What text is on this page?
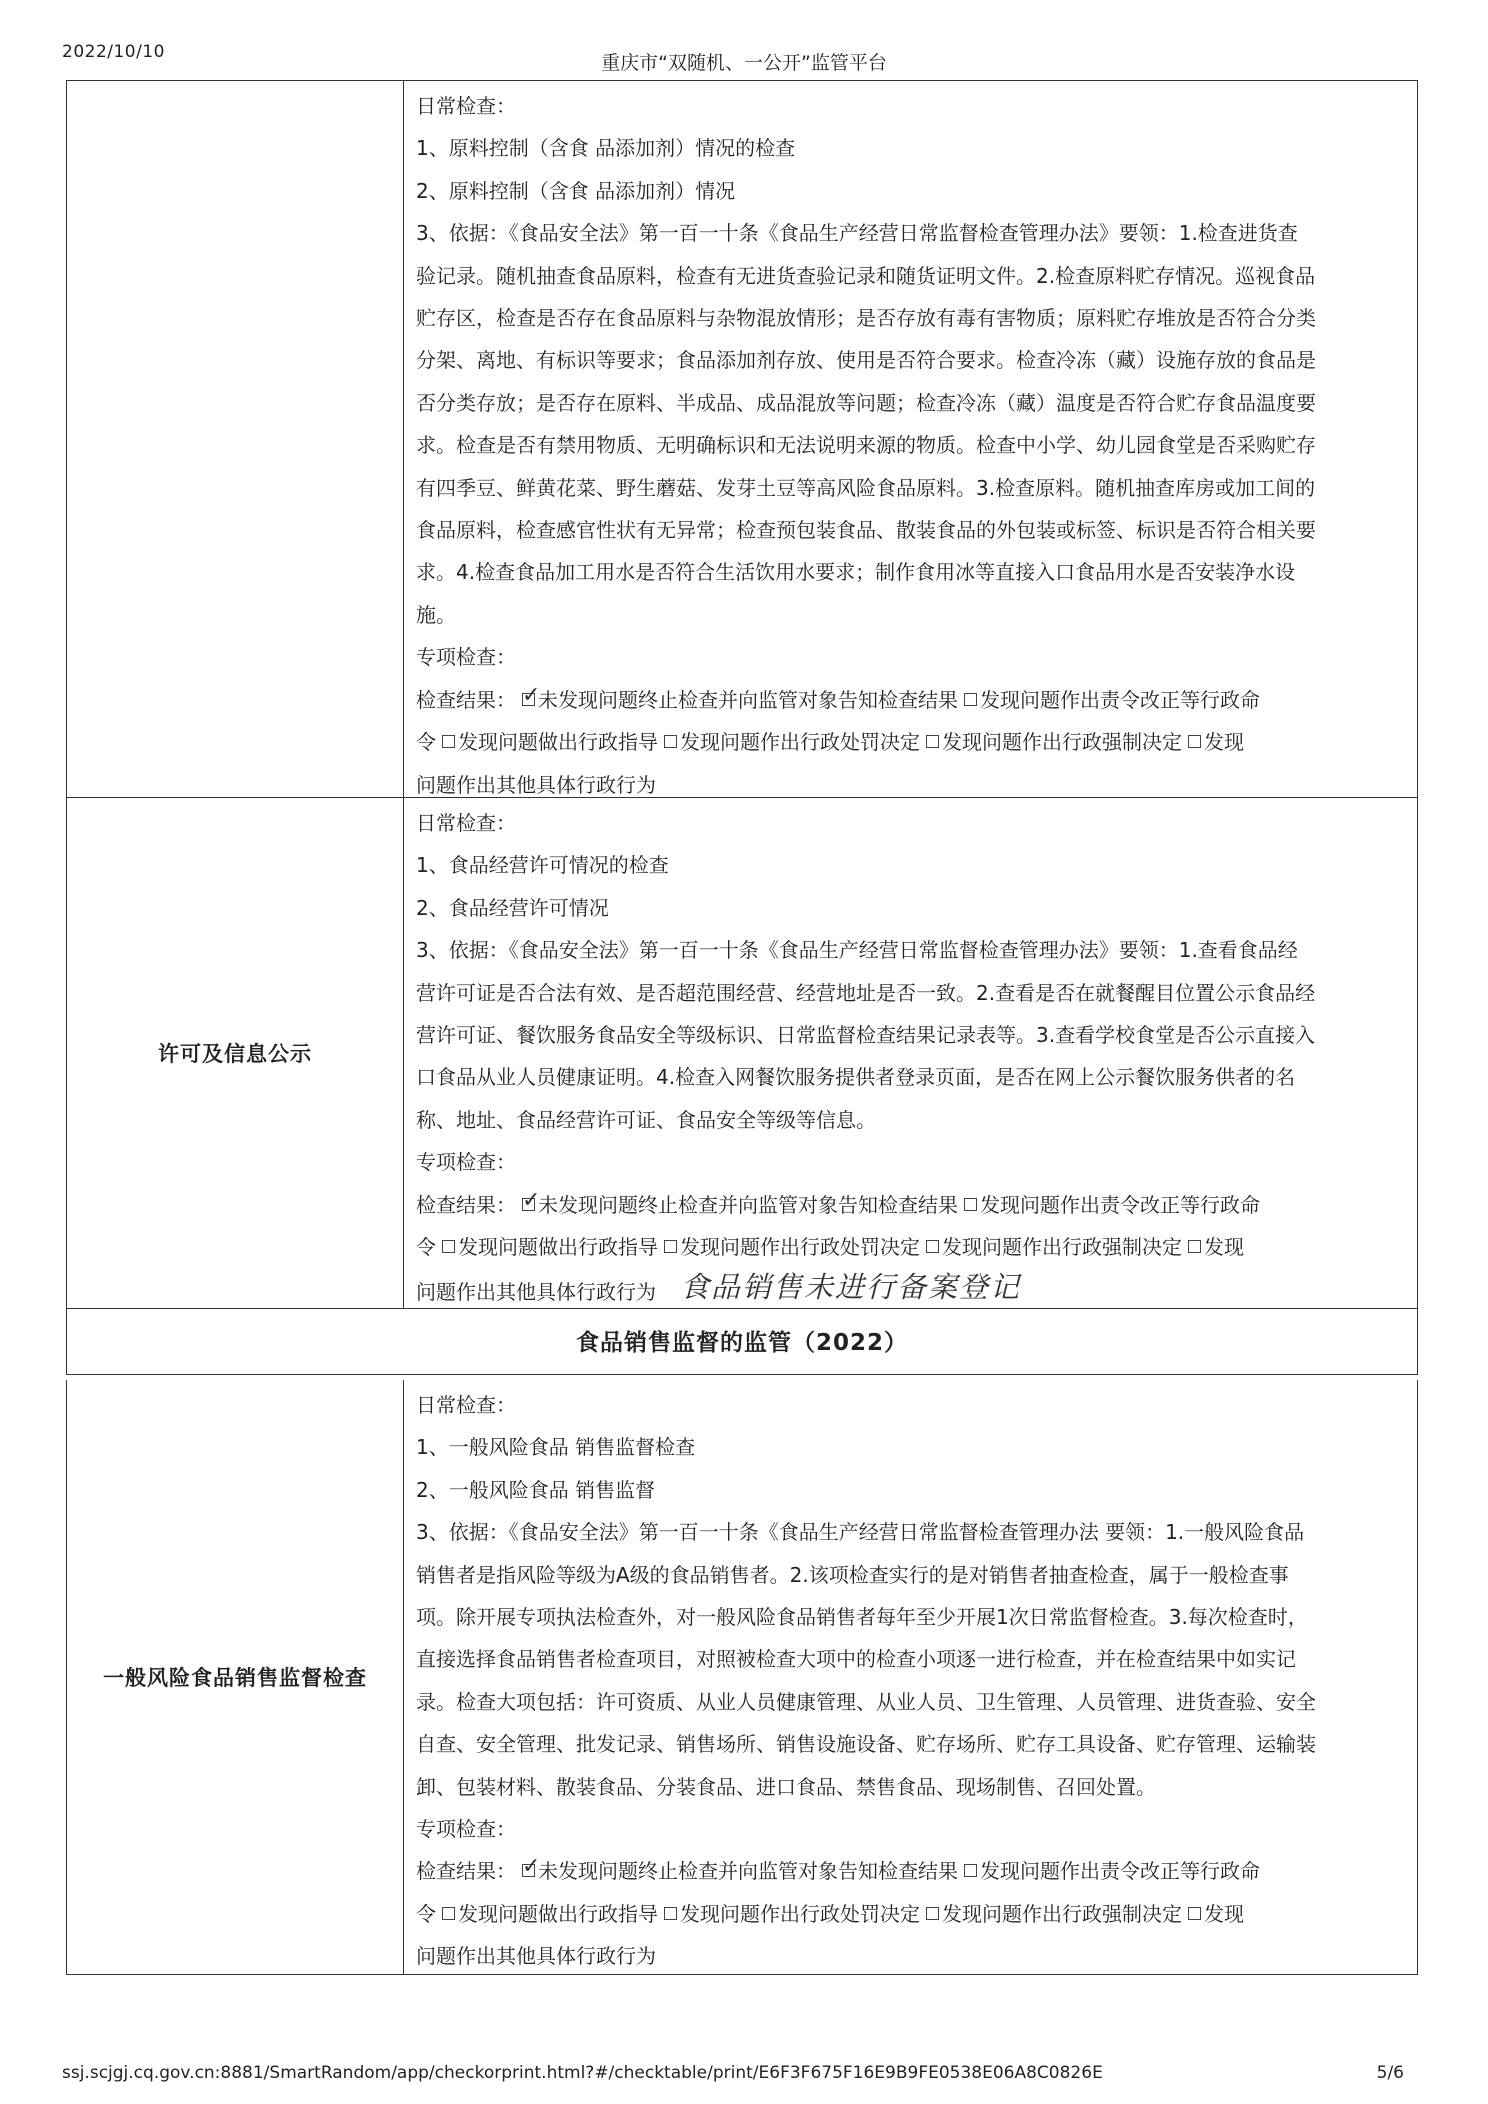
2022/10/10	重庆市“双随机、一公开”监管平台

日常检查：

1、原料控制（含食 品添加剂）情况的检查

2、原料控制（含食 品添加剂）情况

3、依据：《食品安全法》第一百一十条《食品生产经营日常监督检查管理办法》要领：1.检查进货查

验记录。随机抽查食品原料，检查有无进货查验记录和随货证明文件。2.检查原料贮存情况。巡视食品

贮存区，检查是否存在食品原料与杂物混放情形；是否存放有毒有害物质；原料贮存堆放是否符合分类

分架、离地、有标识等要求；食品添加剂存放、使用是否符合要求。检查冷冻（藏）设施存放的食品是

否分类存放；是否存在原料、半成品、成品混放等问题；检查冷冻（藏）温度是否符合贮存食品温度要

求。检查是否有禁用物质、无明确标识和无法说明来源的物质。检查中小学、幼儿园食堂是否采购贮存

有四季豆、鲜黄花菜、野生蘑菇、发芽土豆等高风险食品原料。3.检查原料。随机抽查库房或加工间的

食品原料，检查感官性状有无异常；检查预包装食品、散装食品的外包装或标签、标识是否符合相关要

求。4.检查食品加工用水是否符合生活饮用水要求；制作食用冰等直接入口食品用水是否安装净水设

施。

专项检查：

检查结果： ✓ 未发现问题终止检查并向监管对象告知检查结果 发现问题作出责令改正等行政命

令 发现问题做出行政指导 发现问题作出行政处罚决定 发现问题作出行政强制决定 发现

问题作出其他具体行政行为

许可及信息公示

日常检查：

1、食品经营许可情况的检查

2、食品经营许可情况

3、依据：《食品安全法》第一百一十条《食品生产经营日常监督检查管理办法》要领：1.查看食品经

营许可证是否合法有效、是否超范围经营、经营地址是否一致。2.查看是否在就餐醒目位置公示食品经

营许可证、餐饮服务食品安全等级标识、日常监督检查结果记录表等。3.查看学校食堂是否公示直接入

口食品从业人员健康证明。4.检查入网餐饮服务提供者登录页面，是否在网上公示餐饮服务供者的名

称、地址、食品经营许可证、食品安全等级等信息。

专项检查：

检查结果： ✓ 未发现问题终止检查并向监管对象告知检查结果 发现问题作出责令改正等行政命

令 发现问题做出行政指导 发现问题作出行政处罚决定 发现问题作出行政强制决定 发现

问题作出其他具体行政行为 食品销售未进行备案登记

食品销售监督的监管（2022）
一般风险食品销售监督检查

日常检查：

1、一般风险食品 销售监督检查

2、一般风险食品 销售监督

3、依据：《食品安全法》第一百一十条《食品生产经营日常监督检查管理办法 要领：1.一般风险食品

销售者是指风险等级为A级的食品销售者。2.该项检查实行的是对销售者抽查检查，属于一般检查事

项。除开展专项执法检查外，对一般风险食品销售者每年至少开展1次日常监督检查。3.每次检查时，

直接选择食品销售者检查项目，对照被检查大项中的检查小项逐一进行检查，并在检查结果中如实记

录。检查大项包括：许可资质、从业人员健康管理、从业人员、卫生管理、人员管理、进货查验、安全

自查、安全管理、批发记录、销售场所、销售设施设备、贮存场所、贮存工具设备、贮存管理、运输装

卸、包装材料、散装食品、分装食品、进口食品、禁售食品、现场制售、召回处置。

专项检查：

检查结果： ✓ 未发现问题终止检查并向监管对象告知检查结果 发现问题作出责令改正等行政命

令 发现问题做出行政指导 发现问题作出行政处罚决定 发现问题作出行政强制决定 发现

问题作出其他具体行政行为

ssj.scjgj.cq.gov.cn:8881/SmartRandom/app/checkorprint.html?#/checktable/print/E6F3F675F16E9B9FE0538E06A8C0826E	5/6
